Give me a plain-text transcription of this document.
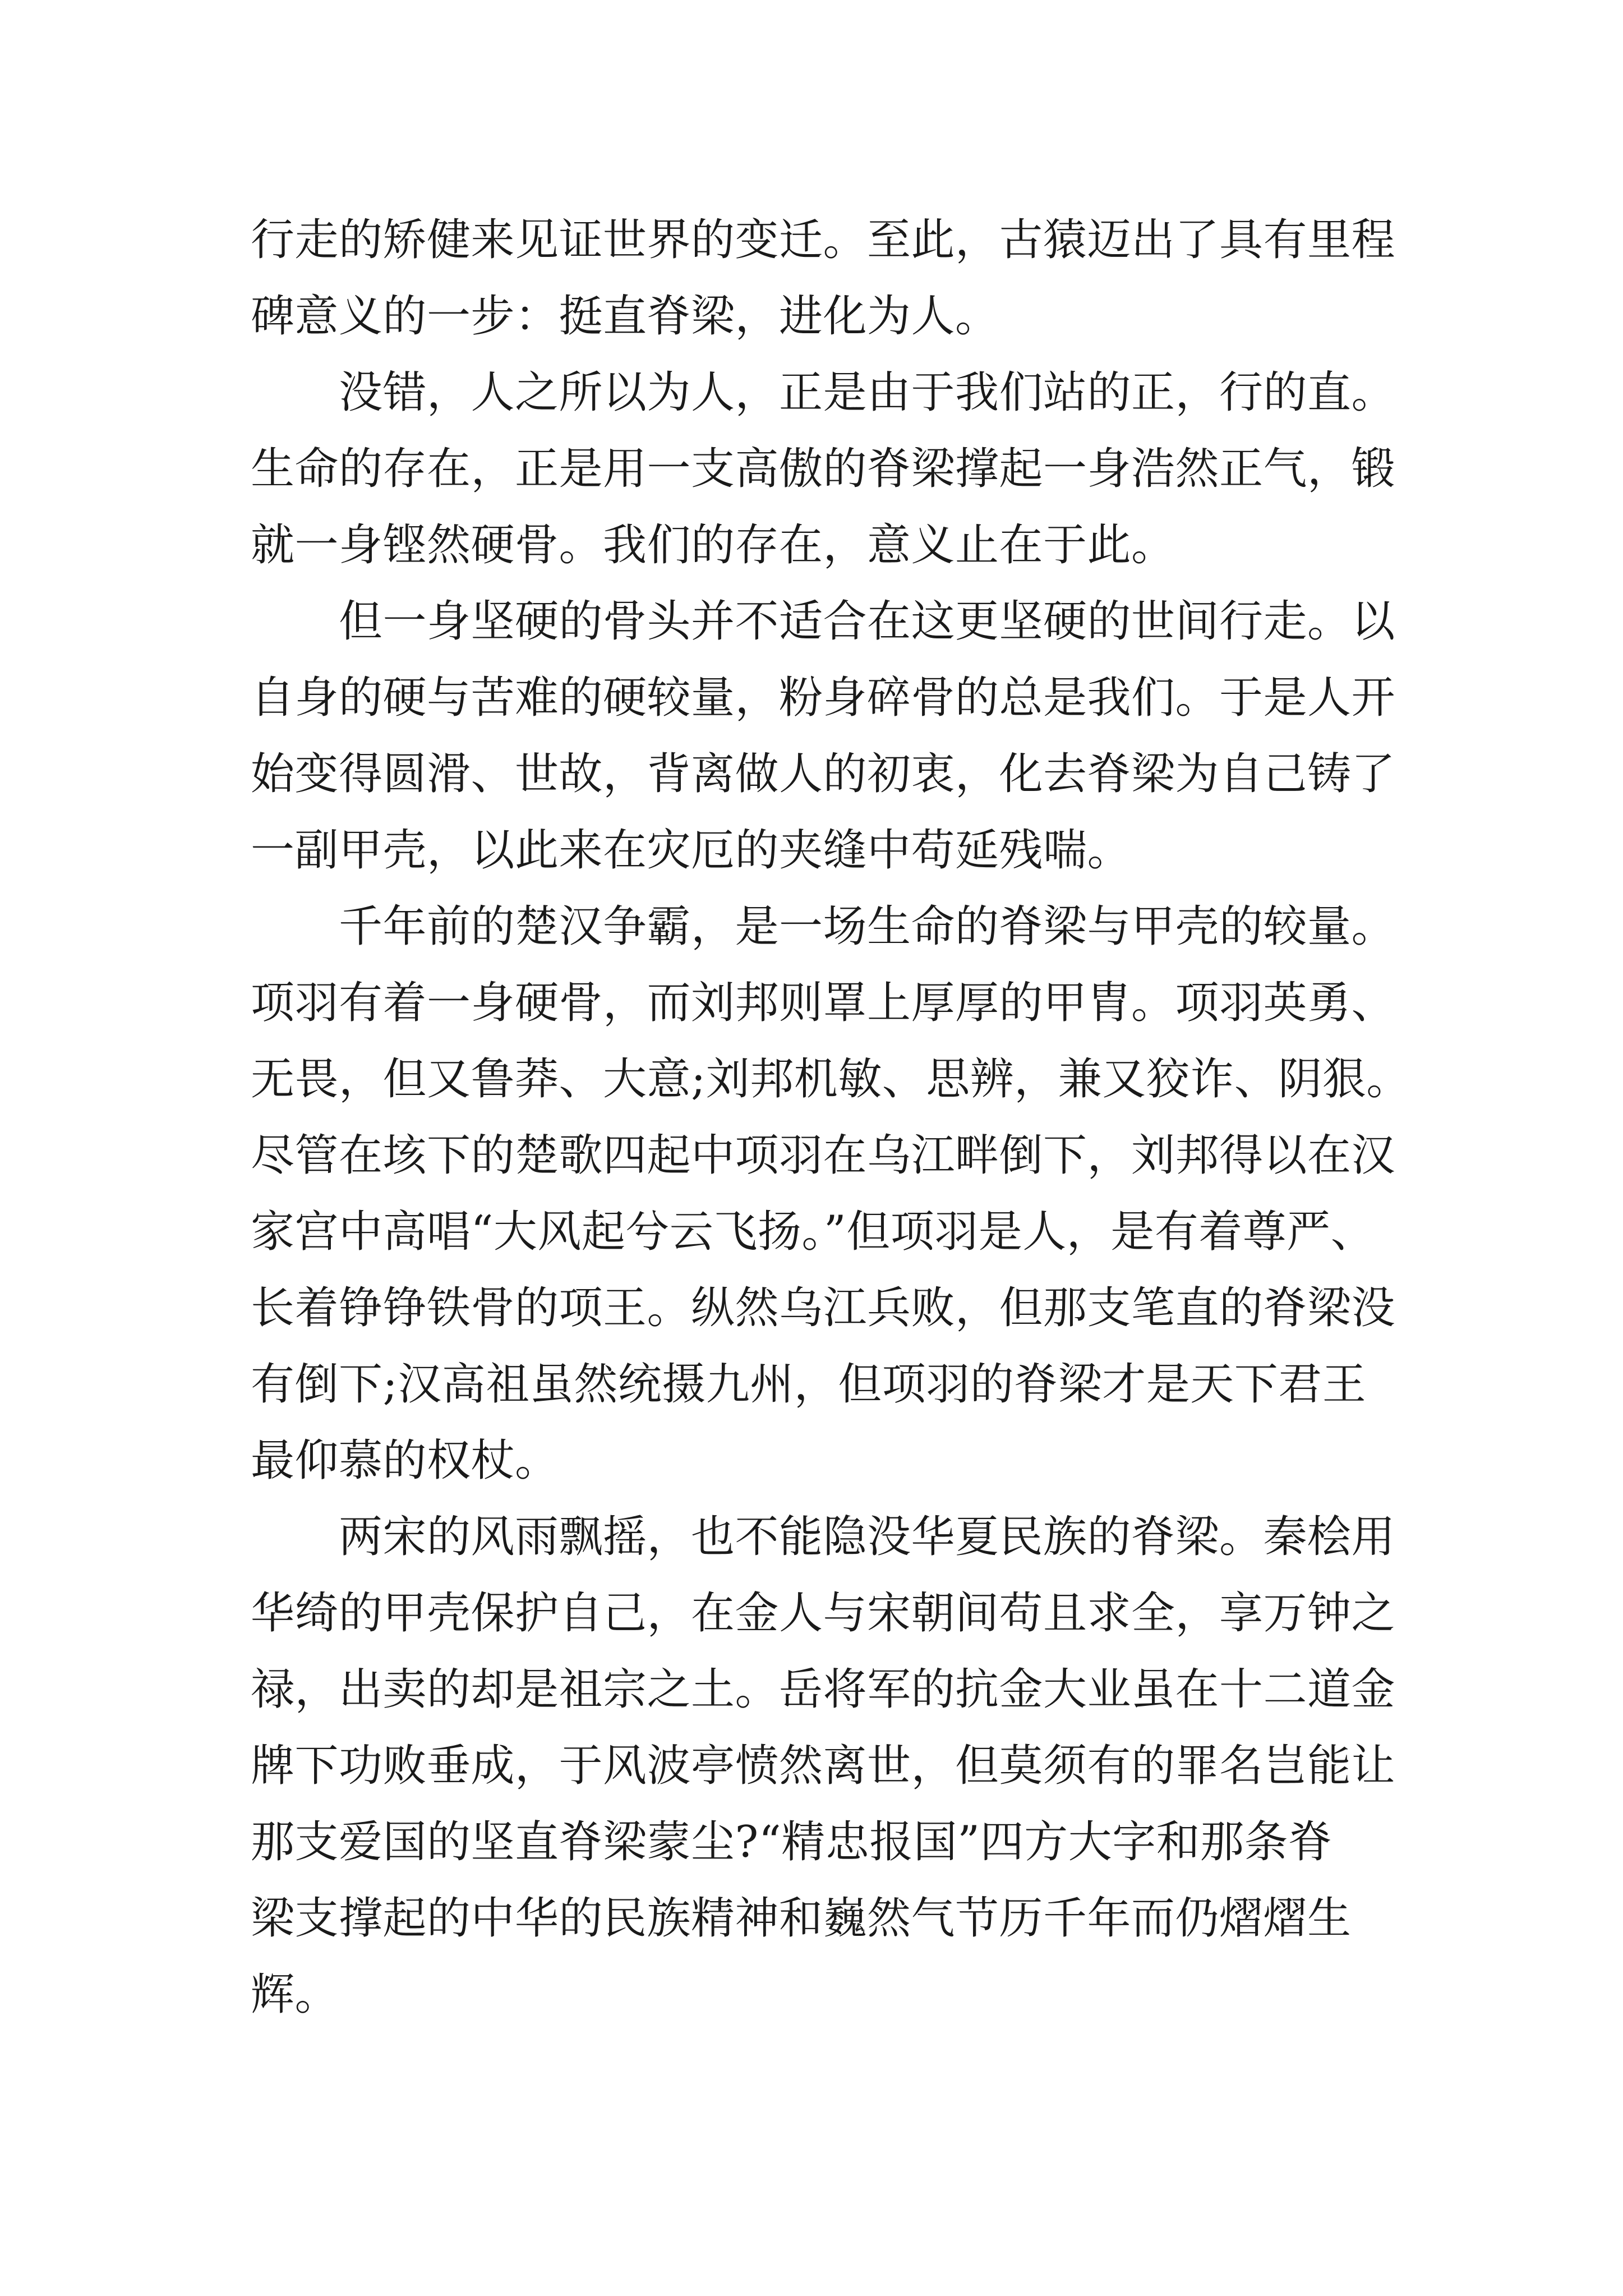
行走的矫健来见证世界的变迁。至此，古猿迈出了具有里程
碑意义的一步：挺直脊梁，进化为人。
　　没错，人之所以为人，正是由于我们站的正，行的直。
生命的存在，正是用一支高傲的脊梁撑起一身浩然正气，锻
就一身铿然硬骨。我们的存在，意义止在于此。
　　但一身坚硬的骨头并不适合在这更坚硬的世间行走。以
自身的硬与苦难的硬较量，粉身碎骨的总是我们。于是人开
始变得圆滑、世故，背离做人的初衷，化去脊梁为自己铸了
一副甲壳，以此来在灾厄的夹缝中苟延残喘。
　　千年前的楚汉争霸，是一场生命的脊梁与甲壳的较量。
项羽有着一身硬骨，而刘邦则罩上厚厚的甲胄。项羽英勇、
无畏，但又鲁莽、大意;刘邦机敏、思辨，兼又狡诈、阴狠。
尽管在垓下的楚歌四起中项羽在乌江畔倒下，刘邦得以在汉
家宫中高唱“大风起兮云飞扬。”但项羽是人，是有着尊严、
长着铮铮铁骨的项王。纵然乌江兵败，但那支笔直的脊梁没
有倒下;汉高祖虽然统摄九州，但项羽的脊梁才是天下君王
最仰慕的权杖。
　　两宋的风雨飘摇，也不能隐没华夏民族的脊梁。秦桧用
华绮的甲壳保护自己，在金人与宋朝间苟且求全，享万钟之
禄，出卖的却是祖宗之土。岳将军的抗金大业虽在十二道金
牌下功败垂成，于风波亭愤然离世，但莫须有的罪名岂能让
那支爱国的坚直脊梁蒙尘?“精忠报国”四方大字和那条脊
梁支撑起的中华的民族精神和巍然气节历千年而仍熠熠生
辉。
